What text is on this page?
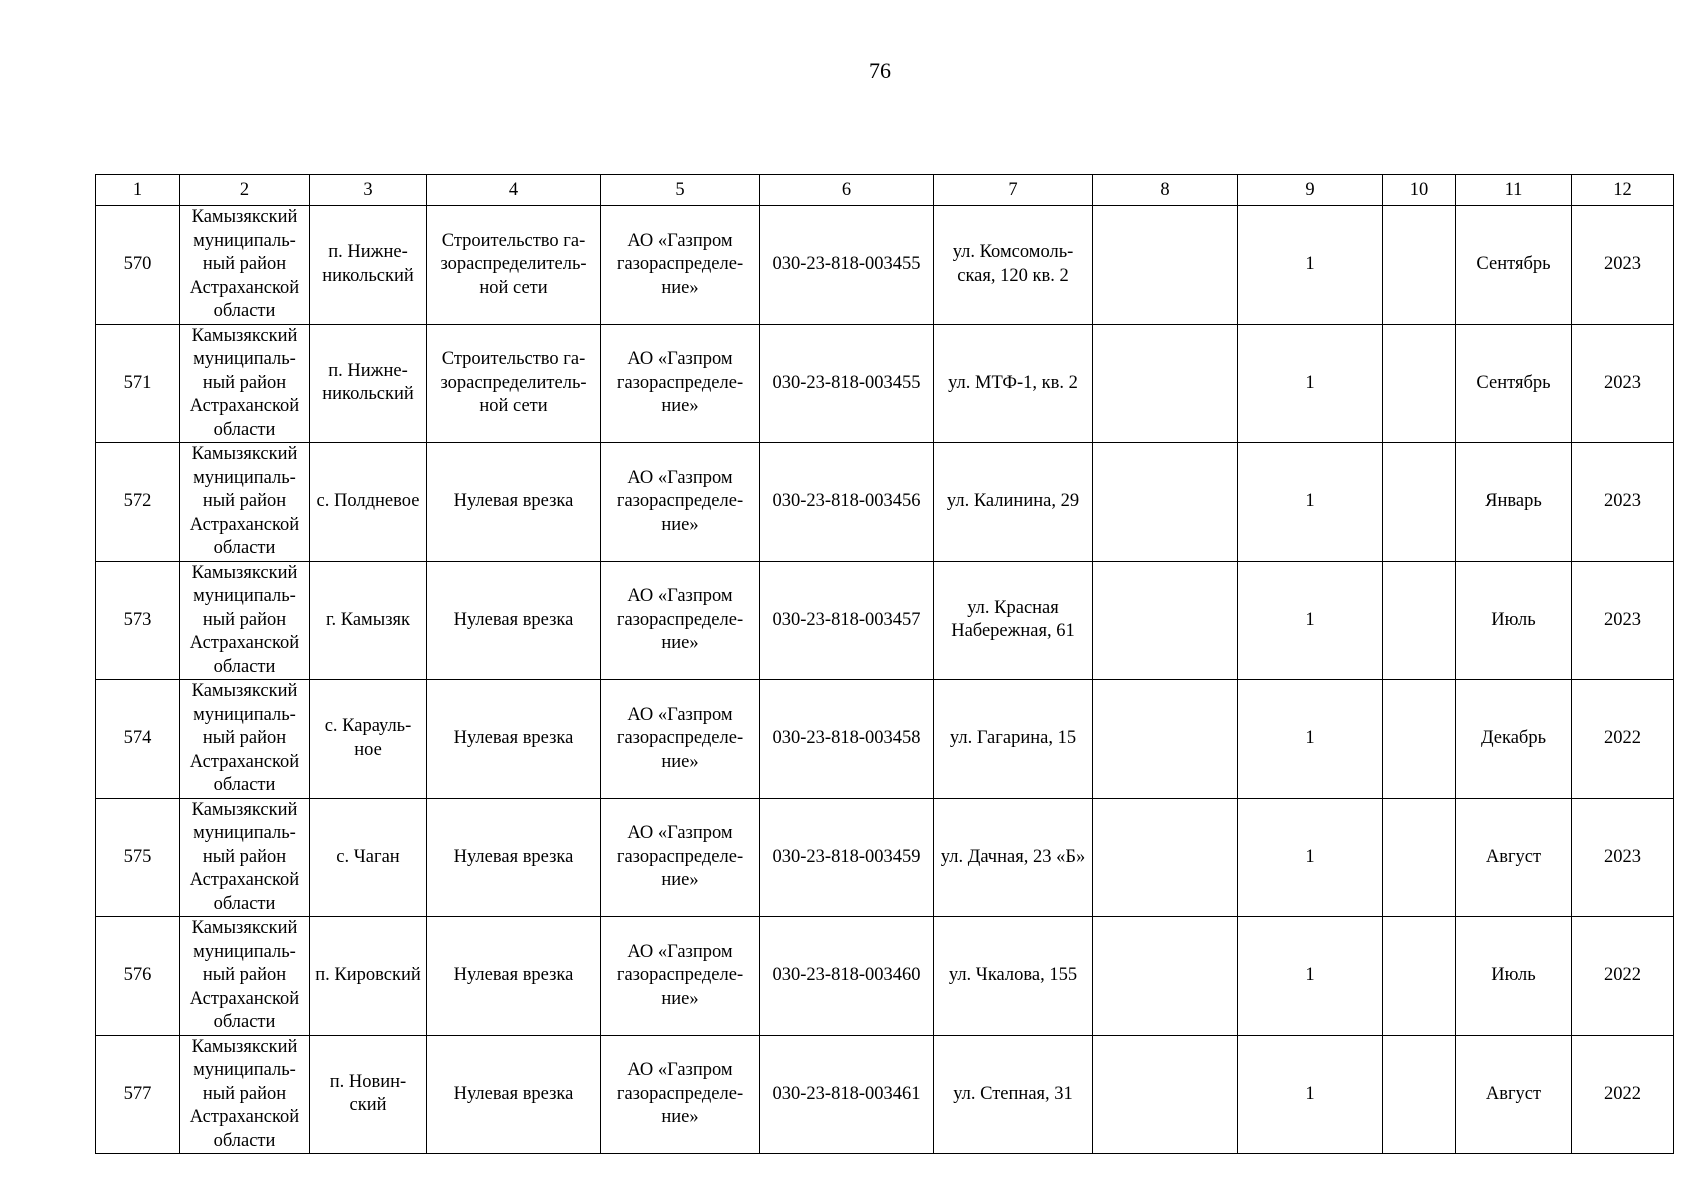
76
1	2	3	4	5	6	7	8	9	10	11	12
570	Камызякский муниципаль-ный район Астраханской области	п. Нижне-никольский	Строительство га-зораспределитель-ной сети	АО «Газпром газораспределе-ние»	030-23-818-003455	ул. Комсомоль-ская, 120 кв. 2		1		Сентябрь	2023
571	Камызякский муниципаль-ный район Астраханской области	п. Нижне-никольский	Строительство га-зораспределитель-ной сети	АО «Газпром газораспределе-ние»	030-23-818-003455	ул. МТФ-1, кв. 2		1		Сентябрь	2023
572	Камызякский муниципаль-ный район Астраханской области	с. Полдневое	Нулевая врезка	АО «Газпром газораспределе-ние»	030-23-818-003456	ул. Калинина, 29		1		Январь	2023
573	Камызякский муниципаль-ный район Астраханской области	г. Камызяк	Нулевая врезка	АО «Газпром газораспределе-ние»	030-23-818-003457	ул. Красная Набережная, 61		1		Июль	2023
574	Камызякский муниципаль-ный район Астраханской области	с. Карауль-ное	Нулевая врезка	АО «Газпром газораспределе-ние»	030-23-818-003458	ул. Гагарина, 15		1		Декабрь	2022
575	Камызякский муниципаль-ный район Астраханской области	с. Чаган	Нулевая врезка	АО «Газпром газораспределе-ние»	030-23-818-003459	ул. Дачная, 23 «Б»		1		Август	2023
576	Камызякский муниципаль-ный район Астраханской области	п. Кировский	Нулевая врезка	АО «Газпром газораспределе-ние»	030-23-818-003460	ул. Чкалова, 155		1		Июль	2022
577	Камызякский муниципаль-ный район Астраханской области	п. Новин-ский	Нулевая врезка	АО «Газпром газораспределе-ние»	030-23-818-003461	ул. Степная, 31		1		Август	2022
